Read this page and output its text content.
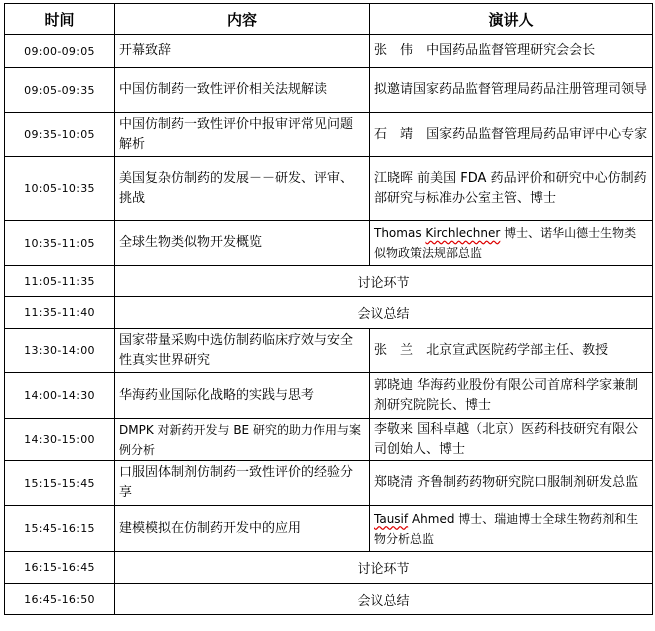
时间	内容	演讲人
09:00-09:05	开幕致辞	张　伟 中国药品监督管理研究会会长
09:05-09:35	中国仿制药一致性评价相关法规解读	拟邀请国家药品监督管理局药品注册管理司领导
09:35-10:05	中国仿制药一致性评价中报审评常见问题解析	石　靖 国家药品监督管理局药品审评中心专家
10:05-10:35	美国复杂仿制药的发展－－研发、评审、挑战	江晓晖 前美国 FDA 药品评价和研究中心仿制药部研究与标准办公室主管、博士
10:35-11:05	全球生物类似物开发概览	Thomas Kirchlechner 博士、诺华山德士生物类似物政策法规部总监
11:05-11:35	讨论环节	
11:35-11:40	会议总结	
13:30-14:00	国家带量采购中选仿制药临床疗效与安全性真实世界研究	张　兰 北京宣武医院药学部主任、教授
14:00-14:30	华海药业国际化战略的实践与思考	郭晓迪 华海药业股份有限公司首席科学家兼制剂研究院院长、博士
14:30-15:00	DMPK 对新药开发与 BE 研究的助力作用与案例分析	李敬来 国科卓越（北京）医药科技研究有限公司创始人、博士
15:15-15:45	口服固体制剂仿制药一致性评价的经验分享	郑晓清 齐鲁制药药物研究院口服制剂研发总监
15:45-16:15	建模模拟在仿制药开发中的应用	Tausif Ahmed 博士、瑞迪博士全球生物药剂和生物分析总监
16:15-16:45	讨论环节	
16:45-16:50	会议总结	
